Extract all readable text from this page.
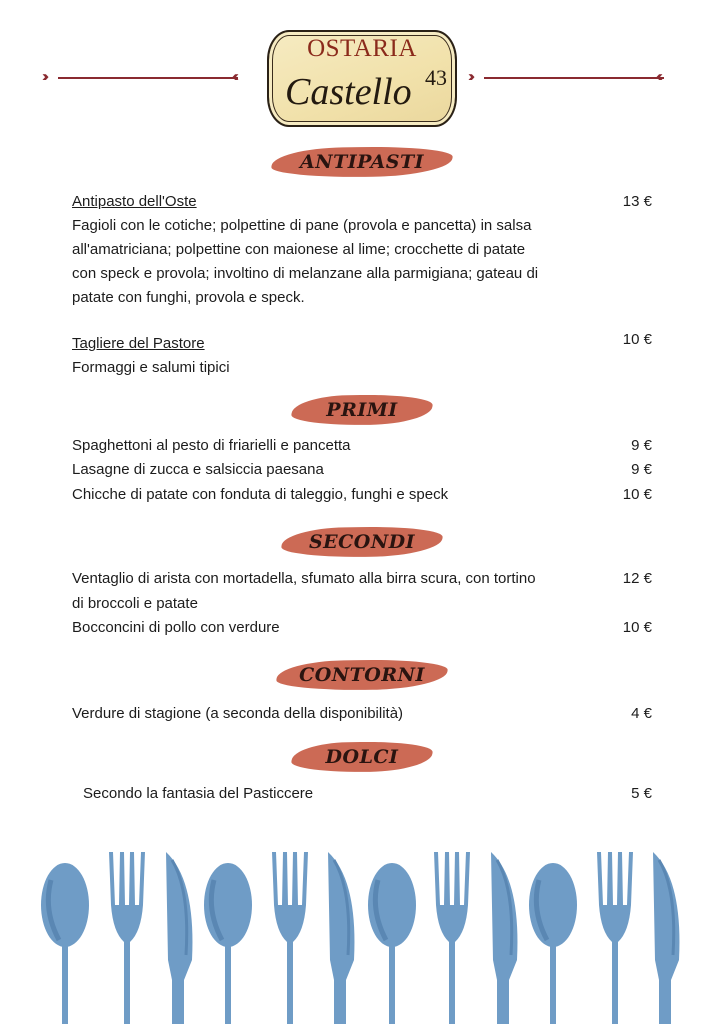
›››	‹‹‹	›››	‹‹‹
OSTARIA
Castello 43
ANTIPASTI
Antipasto dell'Oste	13 €
Fagioli con le cotiche; polpettine di pane (provola e pancetta) in salsa
all'amatriciana; polpettine con maionese al lime; crocchette di patate
con speck e provola; involtino di melanzane alla parmigiana; gateau di
patate con funghi, provola e speck.
Tagliere del Pastore	10 €
Formaggi e salumi tipici
PRIMI
Spaghettoni al pesto di friarielli e pancetta	9 €
Lasagne di zucca e salsiccia paesana	9 €
Chicche di patate con fonduta di taleggio, funghi e speck	10 €
SECONDI
Ventaglio di arista con mortadella, sfumato alla birra scura, con tortino	12 €
di broccoli e patate
Bocconcini di pollo con verdure	10 €
CONTORNI
Verdure di stagione (a seconda della disponibilità)	4 €
DOLCI
Secondo la fantasia del Pasticcere	5 €
